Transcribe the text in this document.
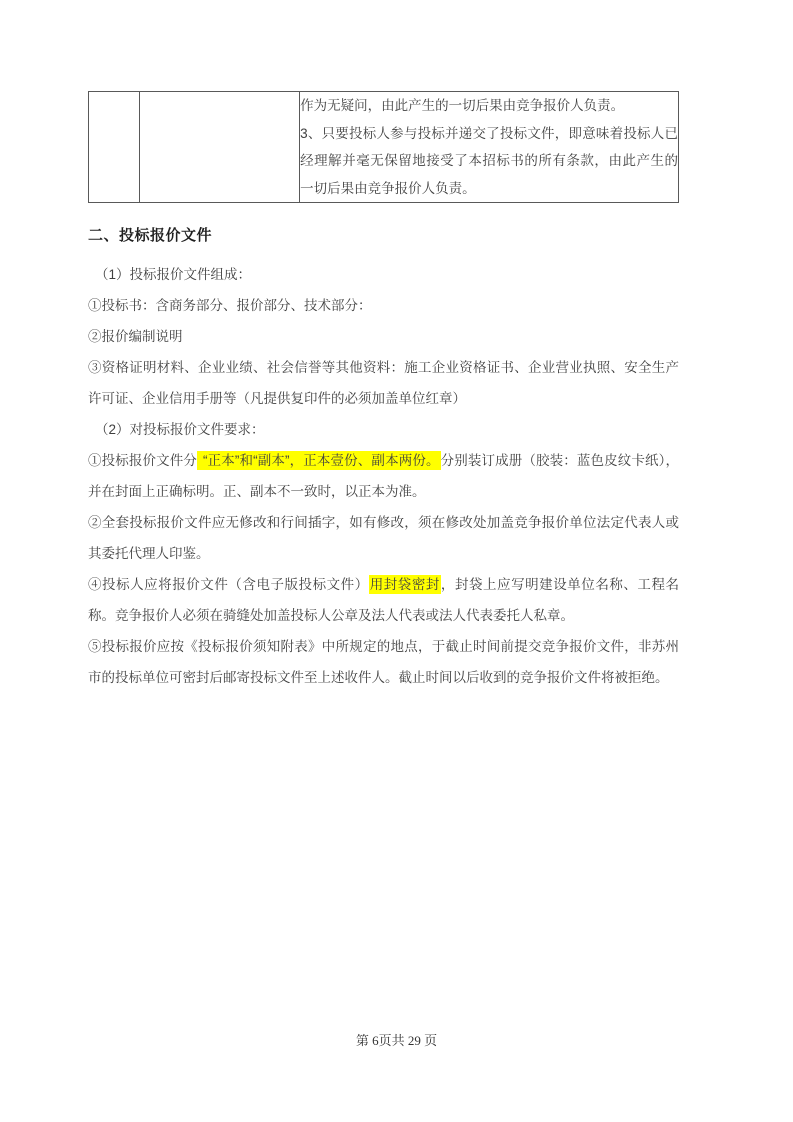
作为无疑问，由此产生的一切后果由竞争报价人负责。

3、只要投标人参与投标并递交了投标文件，即意味着投标人已经理解并毫无保留地接受了本招标书的所有条款，由此产生的一切后果由竞争报价人负责。

二、投标报价文件

（1）投标报价文件组成：

①投标书：含商务部分、报价部分、技术部分：

②报价编制说明

③资格证明材料、企业业绩、社会信誉等其他资料：施工企业资格证书、企业营业执照、安全生产许可证、企业信用手册等（凡提供复印件的必须加盖单位红章）

（2）对投标报价文件要求：

①投标报价文件分 “正本”和“副本”，正本壹份、副本两份。分别装订成册（胶装：蓝色皮纹卡纸），并在封面上正确标明。正、副本不一致时，以正本为准。

②全套投标报价文件应无修改和行间插字，如有修改，须在修改处加盖竞争报价单位法定代表人或其委托代理人印鉴。

④投标人应将报价文件（含电子版投标文件）用封袋密封，封袋上应写明建设单位名称、工程名称。竞争报价人必须在骑缝处加盖投标人公章及法人代表或法人代表委托人私章。

⑤投标报价应按《投标报价须知附表》中所规定的地点，于截止时间前提交竞争报价文件，非苏州市的投标单位可密封后邮寄投标文件至上述收件人。截止时间以后收到的竞争报价文件将被拒绝。

第 6页共 29 页
